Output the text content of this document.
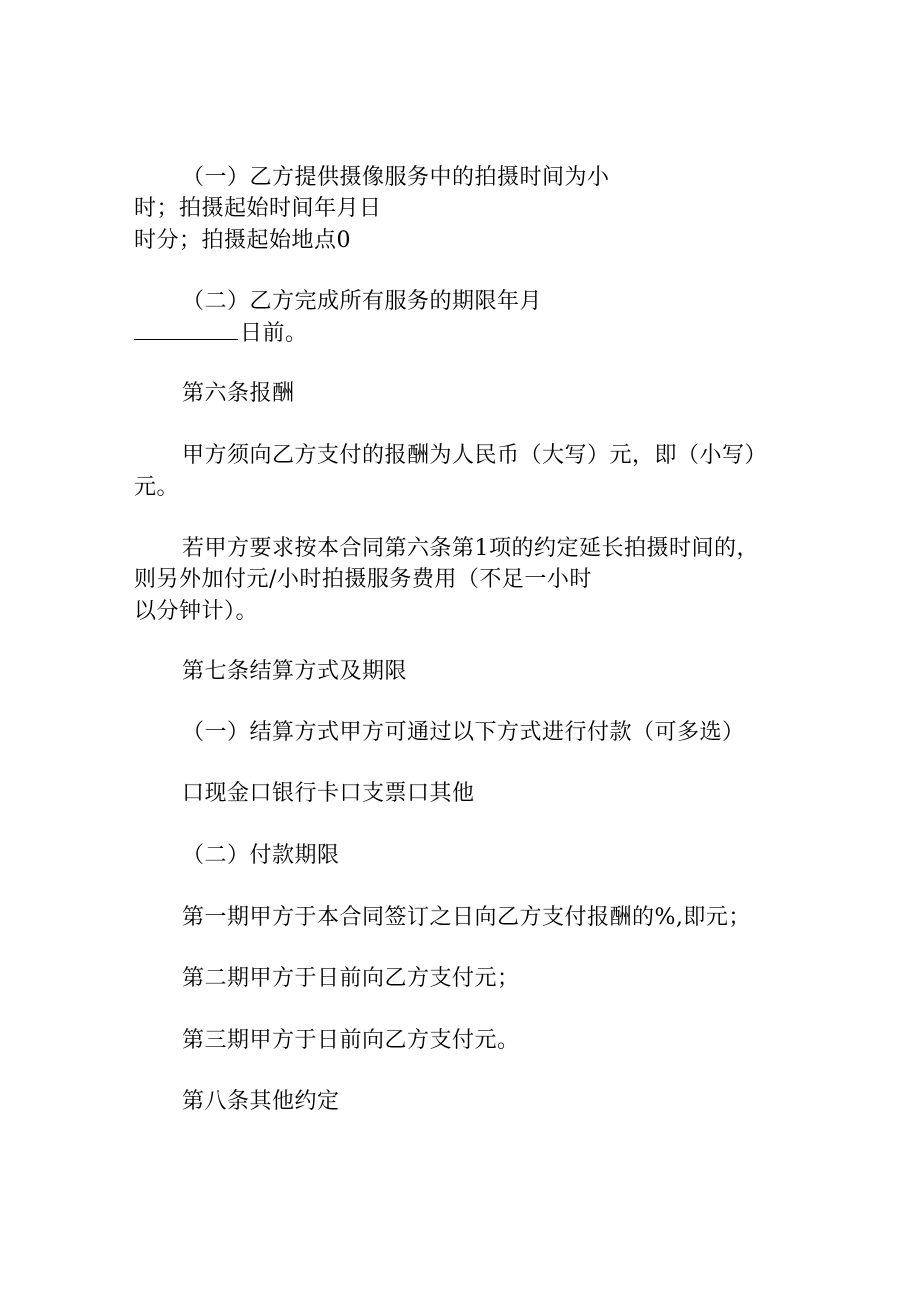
（一）乙方提供摄像服务中的拍摄时间为小
时；拍摄起始时间年月日
时分；拍摄起始地点0
（二）乙方完成所有服务的期限年月
日前。
第六条报酬
甲方须向乙方支付的报酬为人民币（大写）元，即（小写）
元。
若甲方要求按本合同第六条第1项的约定延长拍摄时间的，
则另外加付元/小时拍摄服务费用（不足一小时
以分钟计）。
第七条结算方式及期限
（一）结算方式甲方可通过以下方式进行付款（可多选）
口现金口银行卡口支票口其他
（二）付款期限
第一期甲方于本合同签订之日向乙方支付报酬的%,即元；
第二期甲方于日前向乙方支付元；
第三期甲方于日前向乙方支付元。
第八条其他约定
